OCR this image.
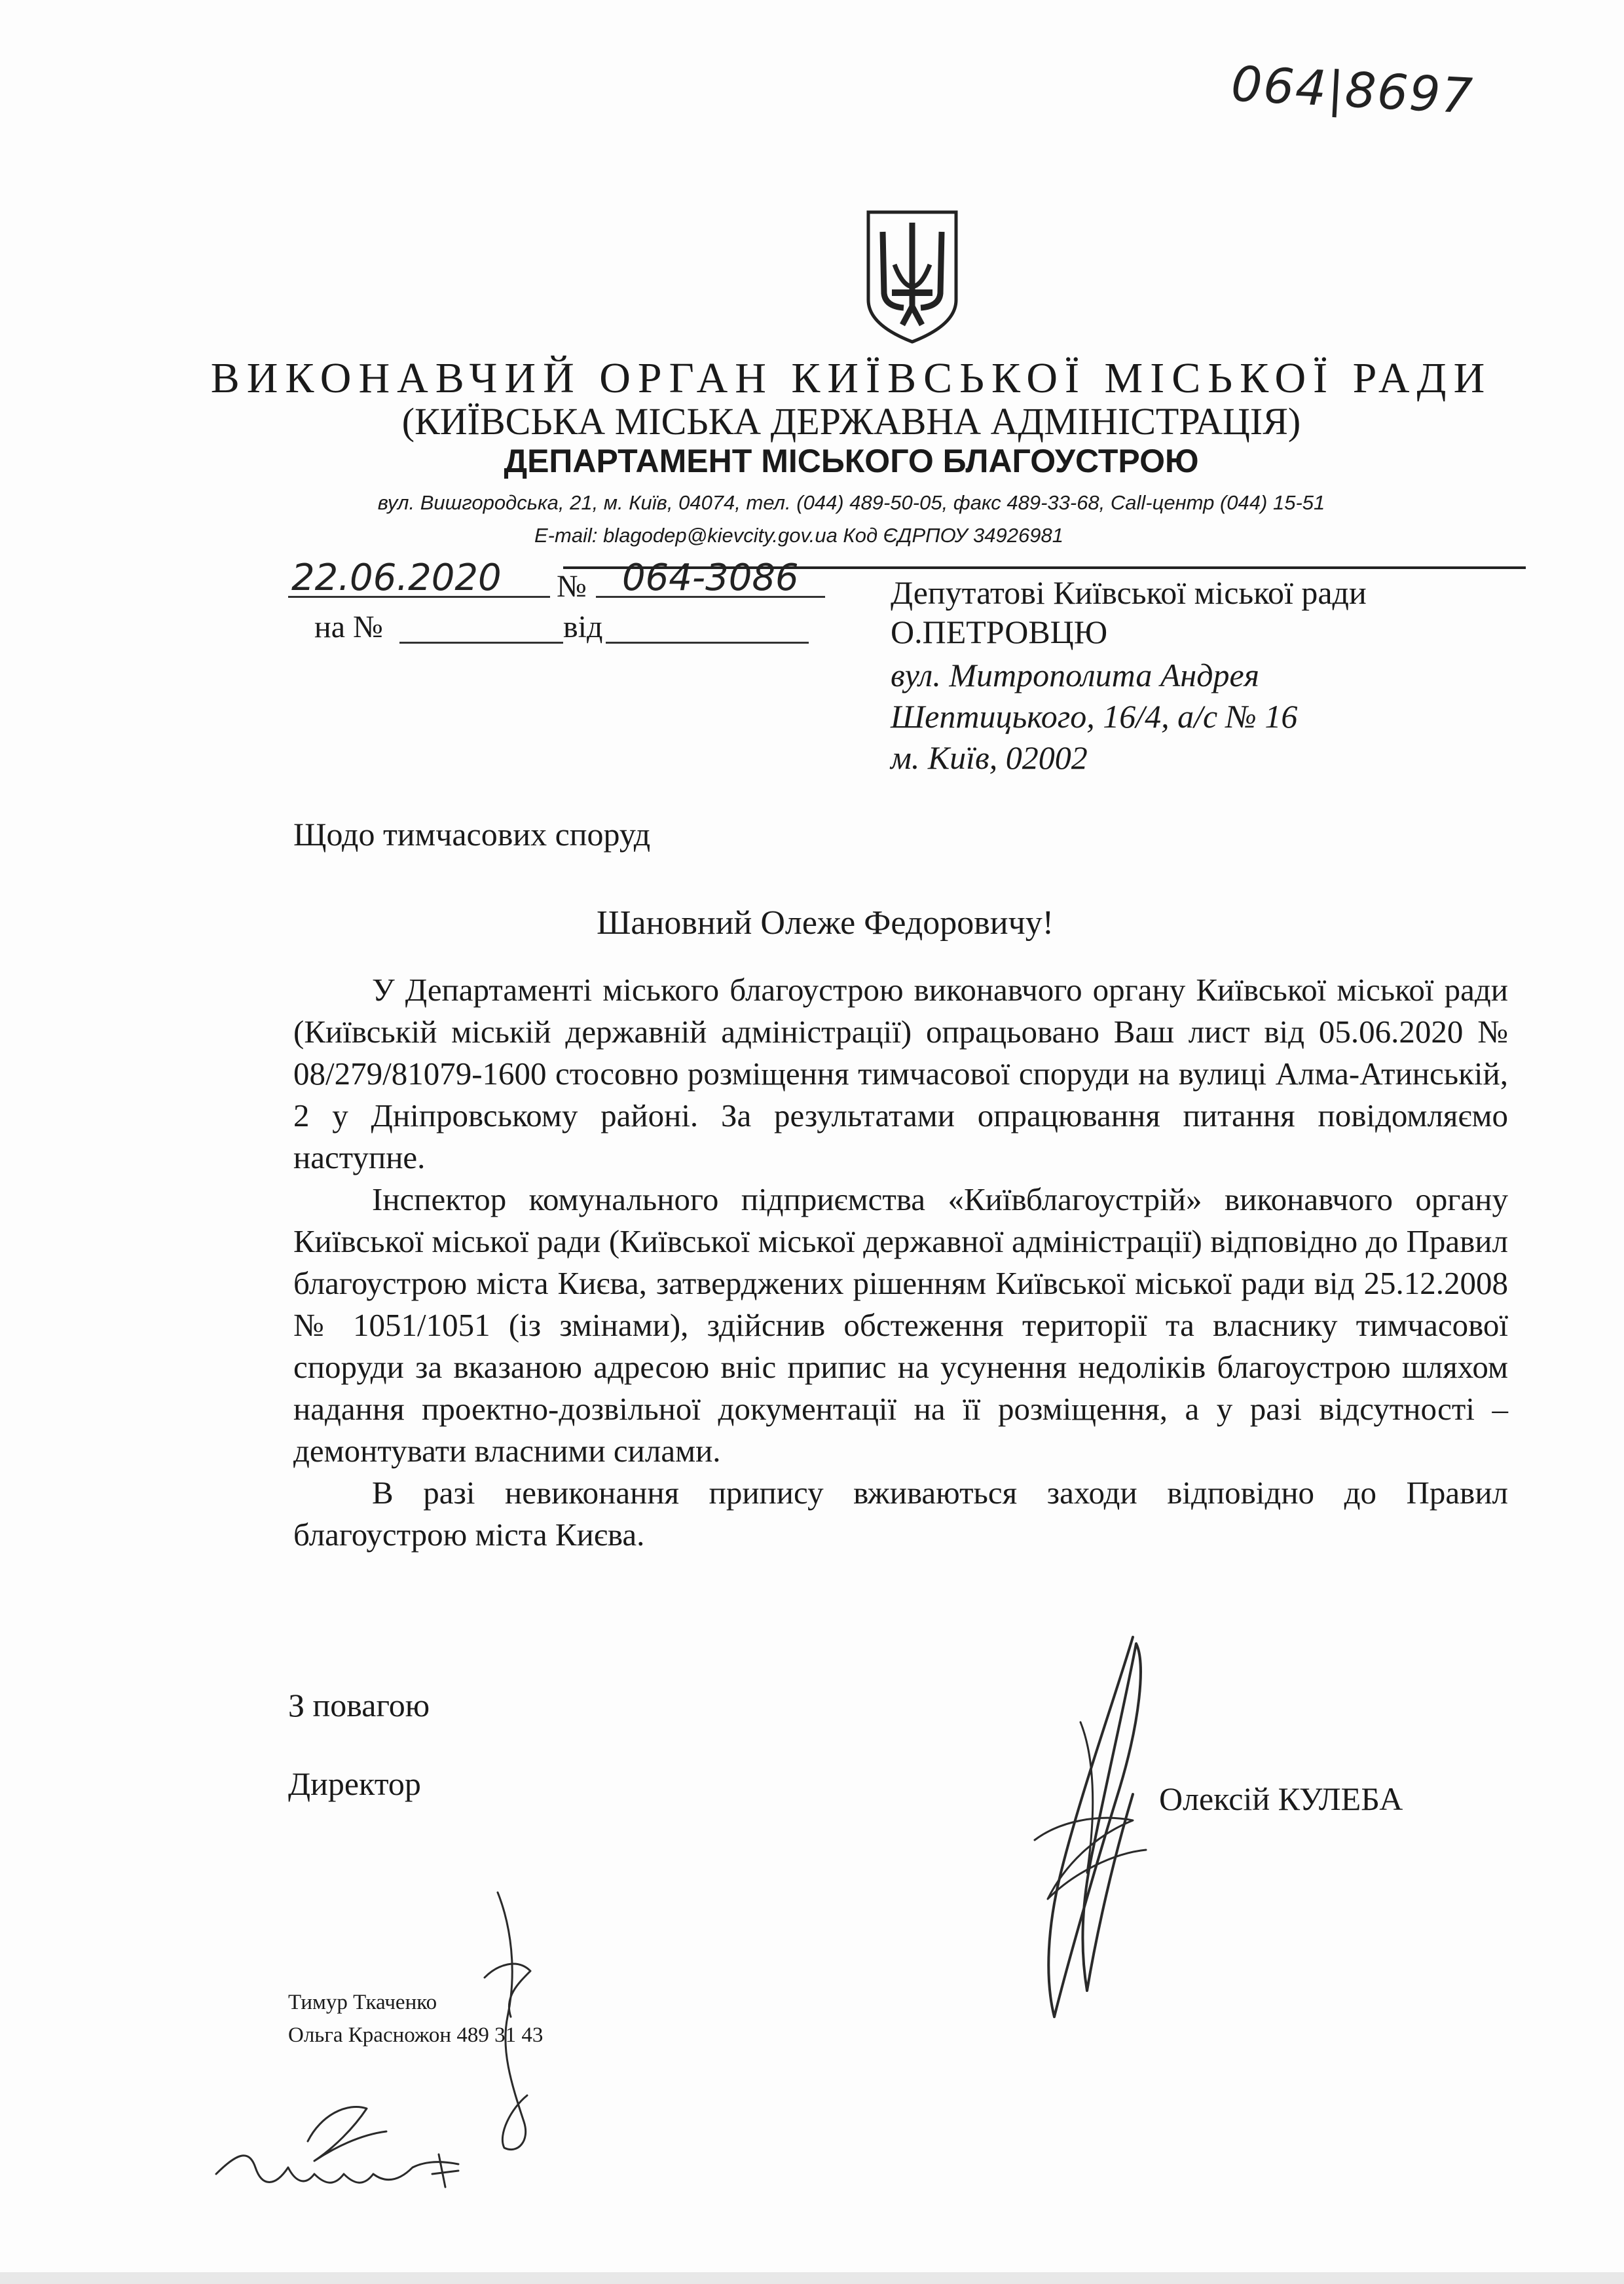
064|8697
ВИКОНАВЧИЙ ОРГАН КИЇВСЬКОЇ МІСЬКОЇ РАДИ
(КИЇВСЬКА МІСЬКА ДЕРЖАВНА АДМІНІСТРАЦІЯ)
ДЕПАРТАМЕНТ МІСЬКОГО БЛАГОУСТРОЮ
вул. Вишгородська, 21, м. Київ, 04074, тел. (044) 489-50-05, факс 489-33-68, Call-центр (044) 15-51
E-mail: blagodep@kievcity.gov.ua Код ЄДРПОУ 34926981
22.06.2020 № 064-3086
на №	від
Депутатові Київської міської ради
О.ПЕТРОВЦЮ
вул. Митрополита Андрея
Шептицького, 16/4, а/с № 16
м. Київ, 02002
Щодо тимчасових споруд
Шановний Олеже Федоровичу!

У Департаменті міського благоустрою виконавчого органу Київської міської ради (Київській міській державній адміністрації) опрацьовано Ваш лист від 05.06.2020 № 08/279/81079-1600 стосовно розміщення тимчасової споруди на вулиці Алма-Атинській, 2 у Дніпровському районі. За результатами опрацювання питання повідомляємо наступне.

Інспектор комунального підприємства «Київблагоустрій» виконавчого органу Київської міської ради (Київської міської державної адміністрації) відповідно до Правил благоустрою міста Києва, затверджених рішенням Київської міської ради від 25.12.2008 № 1051/1051 (із змінами), здійснив обстеження території та власнику тимчасової споруди за вказаною адресою вніс припис на усунення недоліків благоустрою шляхом надання проектно-дозвільної документації на її розміщення, а у разі відсутності – демонтувати власними силами.

В разі невиконання припису вживаються заходи відповідно до Правил благоустрою міста Києва.

З повагою
Директор	Олексій КУЛЕБА
Тимур Ткаченко
Ольга Красножон 489 31 43
